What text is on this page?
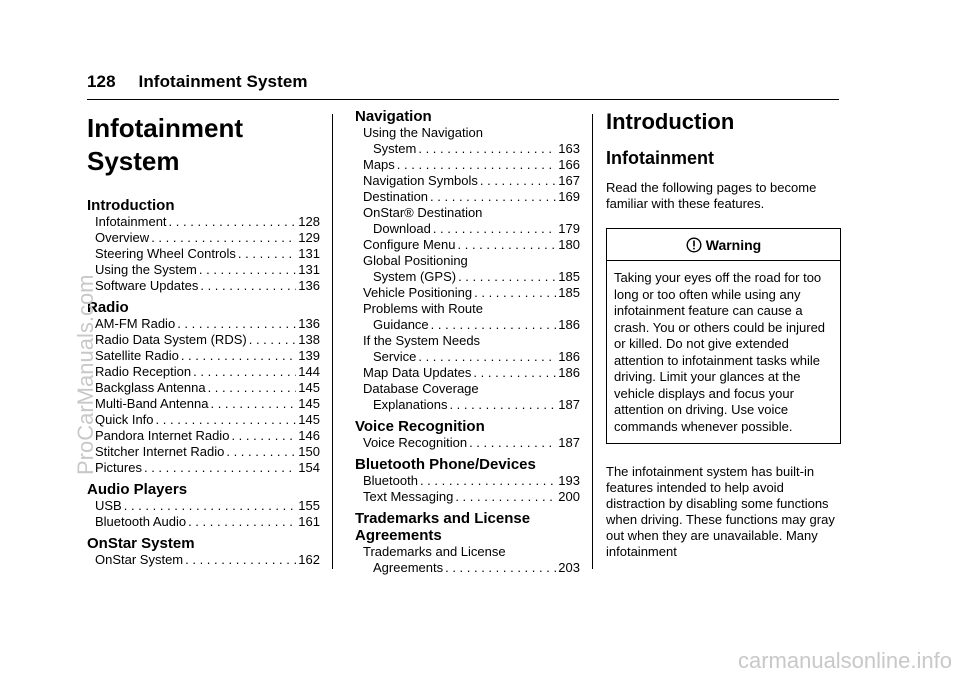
128 Infotainment System
Infotainment
System
Introduction
Infotainment . . .	128
Overview . . .	129
Steering Wheel Controls . . .	131
Using the System . . .	131
Software Updates . . .	136
Radio
AM-FM Radio . . .	136
Radio Data System (RDS) . . .	138
Satellite Radio . . .	139
Radio Reception . . .	144
Backglass Antenna . . .	145
Multi-Band Antenna . . .	145
Quick Info . . .	145
Pandora Internet Radio . . .	146
Stitcher Internet Radio . . .	150
Pictures . . .	154
Audio Players
USB . . .	155
Bluetooth Audio . . .	161
OnStar System
OnStar System . . .	162
Navigation
Using the Navigation
System . . .	163
Maps . . .	166
Navigation Symbols . . .	167
Destination . . .	169
OnStar® Destination
Download . . .	179
Configure Menu . . .	180
Global Positioning
System (GPS) . . .	185
Vehicle Positioning . . .	185
Problems with Route
Guidance . . .	186
If the System Needs
Service . . .	186
Map Data Updates . . .	186
Database Coverage
Explanations . . .	187
Voice Recognition
Voice Recognition . . .	187
Bluetooth Phone/Devices
Bluetooth . . .	193
Text Messaging . . .	200
Trademarks and License Agreements
Trademarks and License
Agreements . . .	203
Introduction
Infotainment

Read the following pages to become familiar with these features.

Warning
Taking your eyes off the road for too long or too often while using any infotainment feature can cause a crash. You or others could be injured or killed. Do not give extended attention to infotainment tasks while driving. Limit your glances at the vehicle displays and focus your attention on driving. Use voice commands whenever possible.

The infotainment system has built-in features intended to help avoid distraction by disabling some functions when driving. These functions may gray out when they are unavailable. Many infotainment

ProCarManuals.com
carmanualsonline.info
